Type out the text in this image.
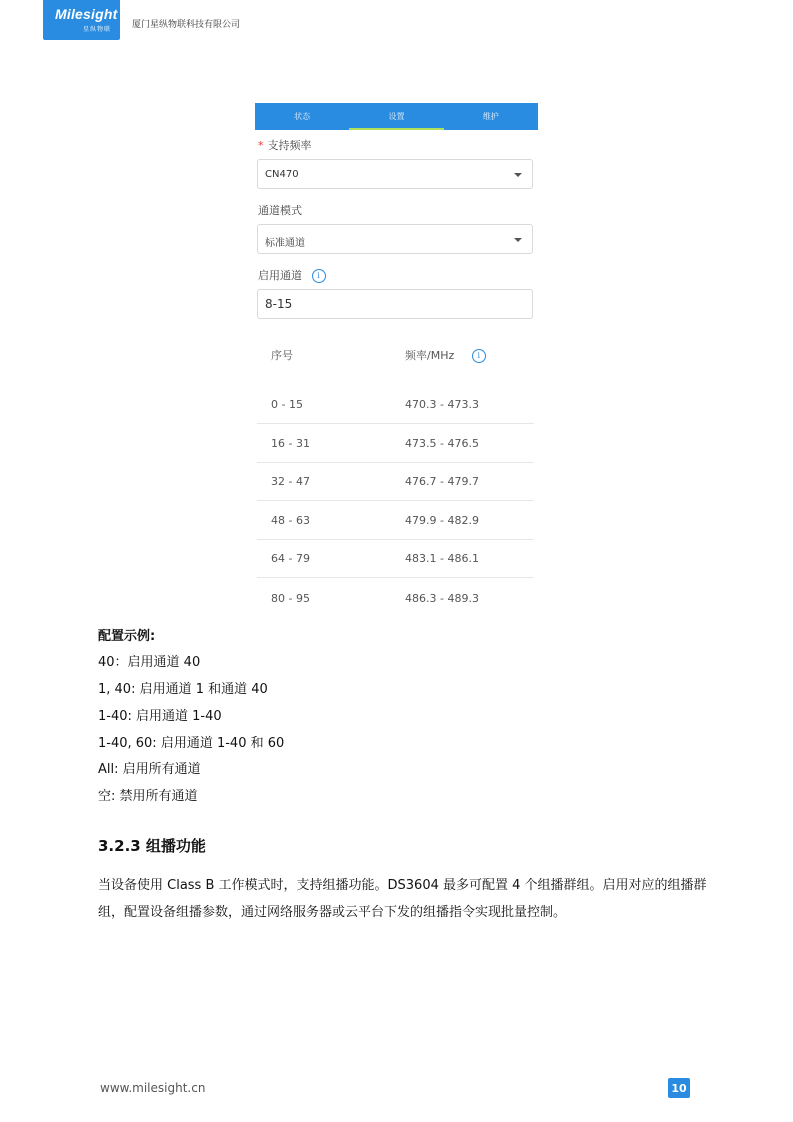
Milesight
星纵物联 厦门星纵物联科技有限公司
状态	设置	维护
* 支持频率
CN470
通道模式
标准通道
启用通道 i
8-15
序号	频率/MHz	i
0 - 15	470.3 - 473.3
16 - 31	473.5 - 476.5
32 - 47	476.7 - 479.7
48 - 63	479.9 - 482.9
64 - 79	483.1 - 486.1
80 - 95	486.3 - 489.3
配置示例:
40：启用通道 40
1, 40: 启用通道 1 和通道 40
1-40: 启用通道 1-40
1-40, 60: 启用通道 1-40 和 60
All: 启用所有通道
空: 禁用所有通道
3.2.3 组播功能
当设备使用 Class B 工作模式时，支持组播功能。DS3604 最多可配置 4 个组播群组。启用对应的组播群组，配置设备组播参数，通过网络服务器或云平台下发的组播指令实现批量控制。
www.milesight.cn	10
